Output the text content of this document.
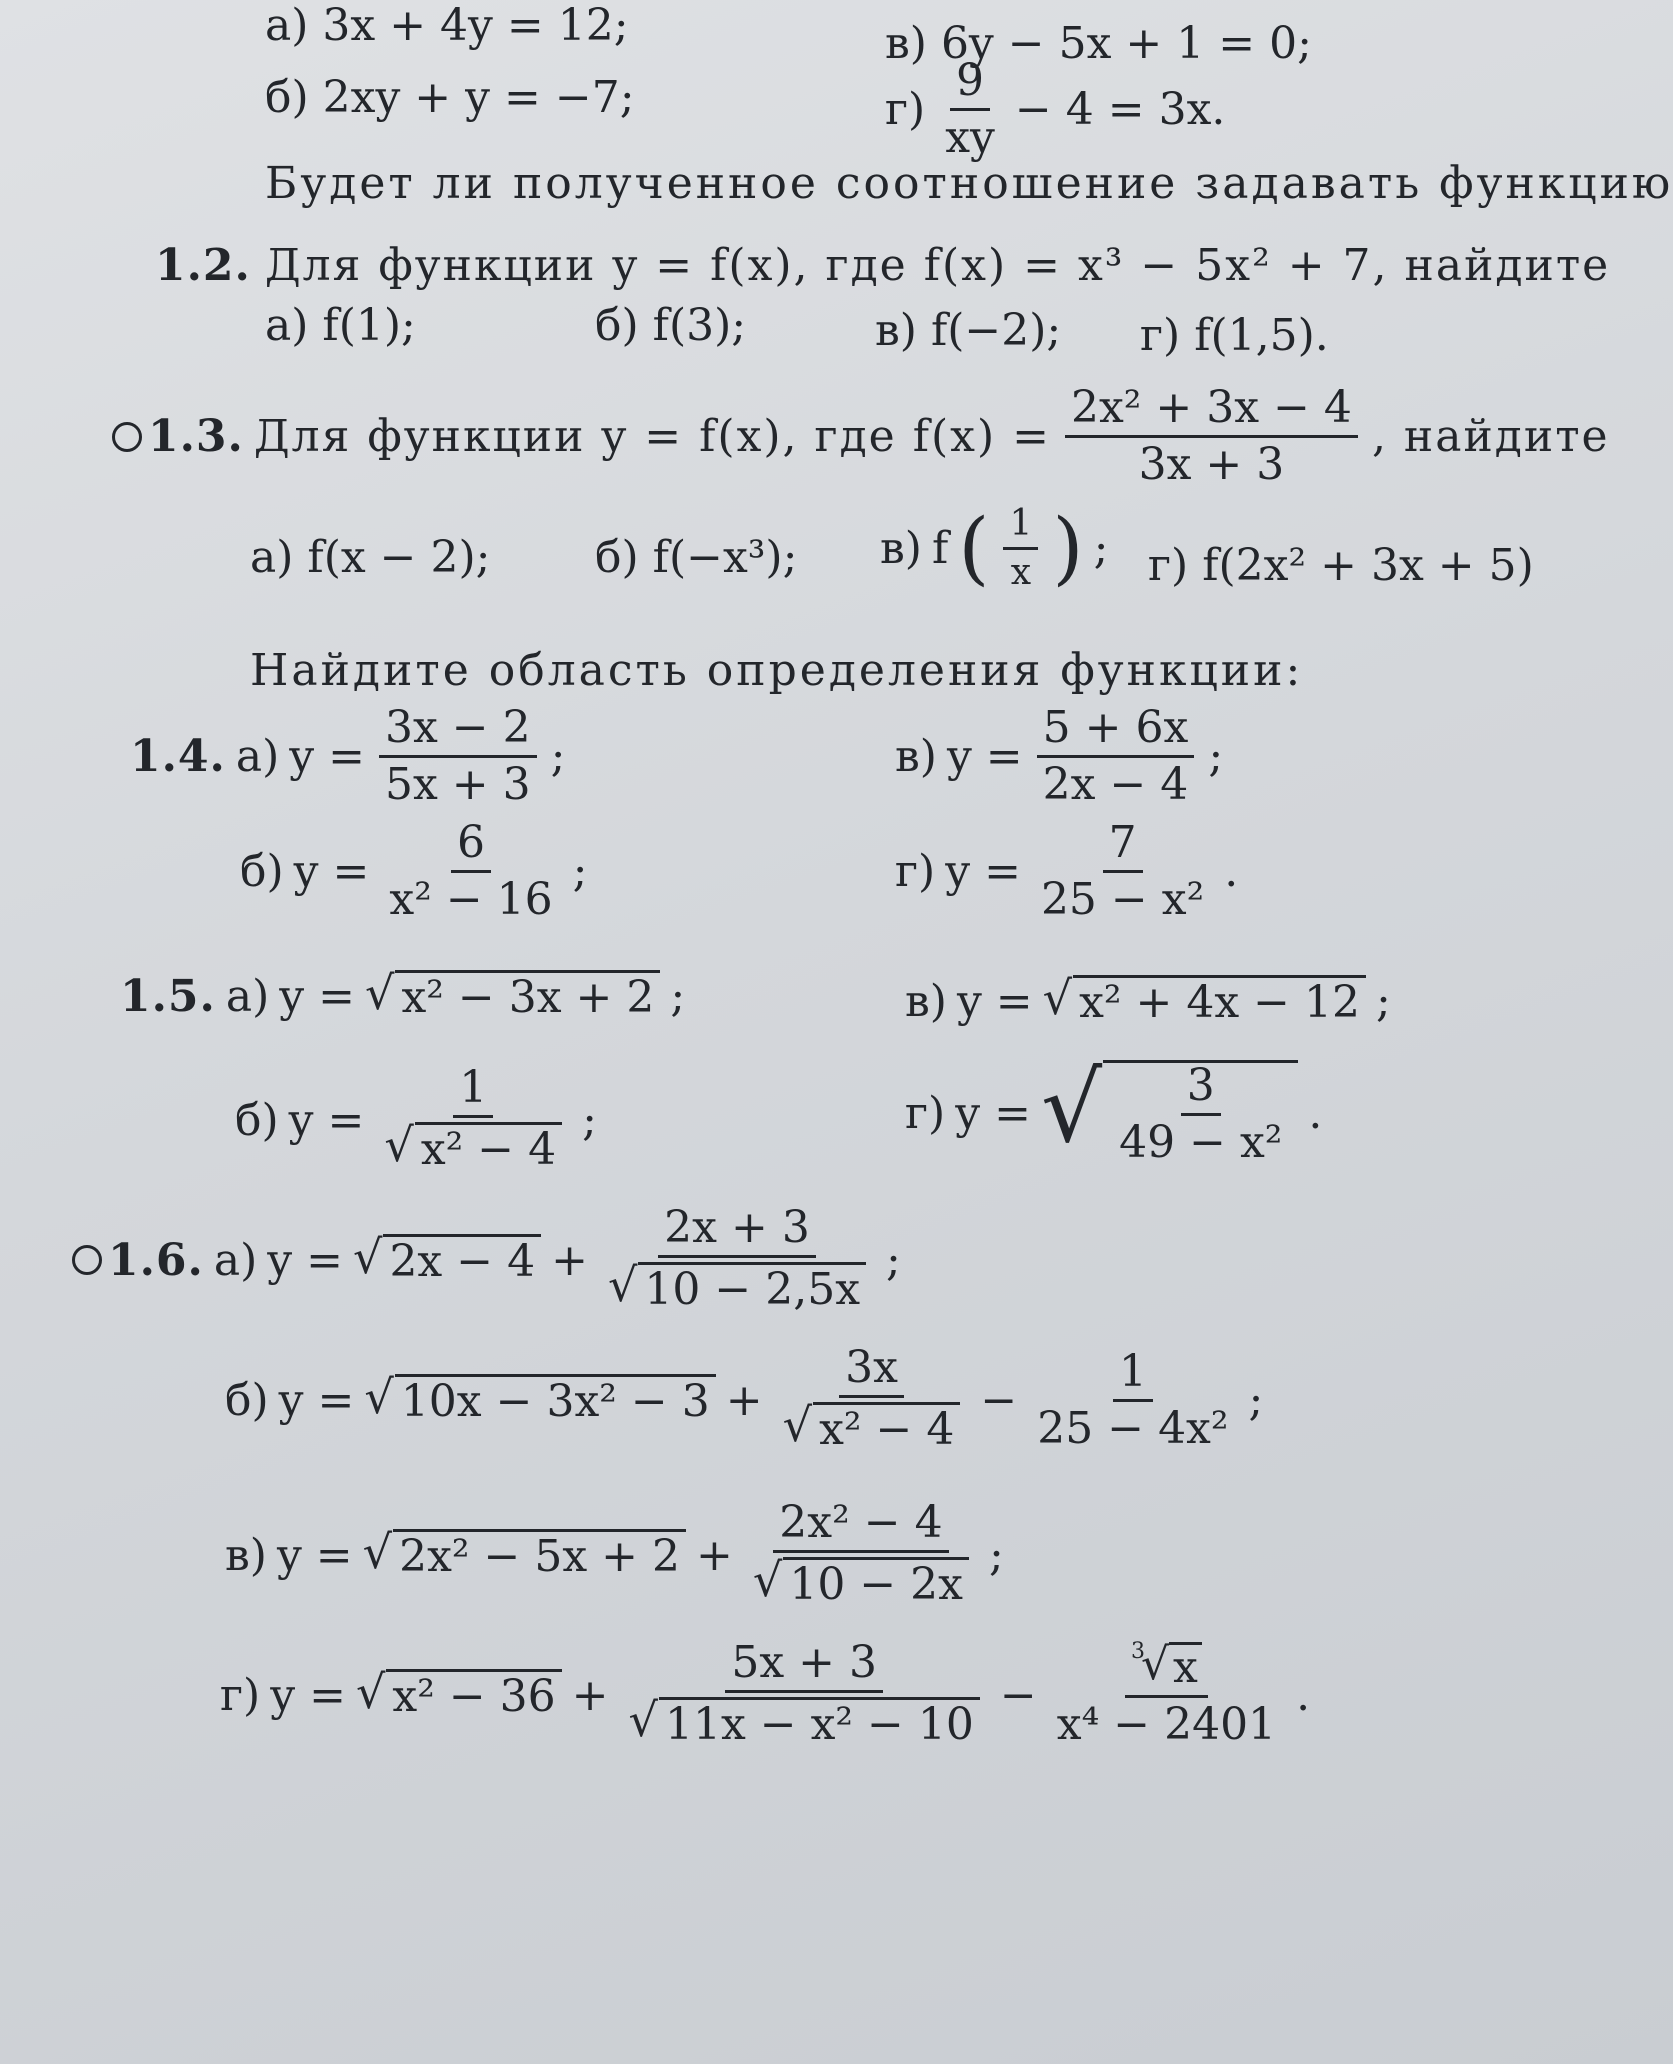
а) 3x + 4y = 12;
б) 2xy + y = −7;
в) 6y − 5x + 1 = 0;
$г) \frac{9}{xy} - 4 = 3x$.
Будет ли полученное соотношение задавать функцию
1.2. Для функции y = f(x), где f(x) = x³ − 5x² + 7, найдите
а) f(1);	б) f(3);	в) f(−2); г) f(1,5).
1.3. Для функции y = f(x), где $f(x) = \frac{\text{2x² + 3x − 4}}{3x + 3}$ , найдите
а) f(x − 2); б) f(−x³); в) f ( $\frac{1}{x}$ ) ; г) f(2x² + 3x + 5)
Найдите область определения функции:
1.4. а) $y = \frac{3x - 2}{5x + 3}$ ;	в) $y = \frac{5 + 6x}{2x - 4}$ ;
б) $y = \frac{6}{\text{x² − 16}}$ ;	г) $y = \frac{7}{\text{25 − x²}}$ .
1.5. а) y = √ x² − 3x + 2 ;	в) y = √ x² + 4x − 12 ;
б) $y = \frac{1}{\text{√ x² − 4}}$ ;	г) y = √ $\frac{3}{\text{49 − x²}}$ .
1.6. а) y = √ $2x - 4 + \frac{2x + 3}{√ 10 - 2,5x}$ ;
б) y = √ $10x - 3x^2 - 3 + \frac{3x}{\text{√ x² − 4}} - \frac{1}{\text{25 − 4x²}}$ ;
в) y = √ $2x^2 - 5x + 2 + \frac{\text{2x² − 4}}{√ 10 - 2x}$ ;
г) y = √ $x^2 - 36 + \frac{5x + 3}{\text{√ 11x − x² − 10}} - 3$
√ x
x⁴ − 2401 .
